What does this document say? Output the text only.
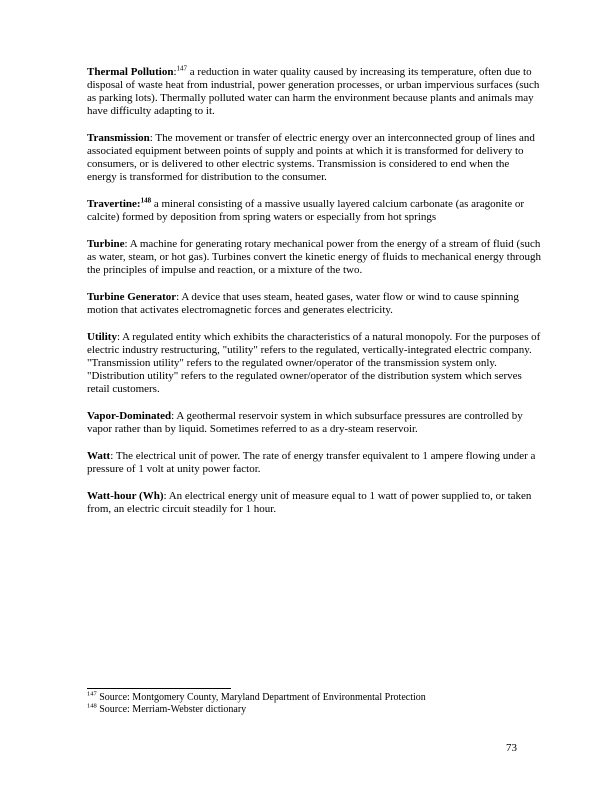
Thermal Pollution:$^{147}$ a reduction in water quality caused by increasing its temperature, often due to disposal of waste heat from industrial, power generation processes, or urban impervious surfaces (such as parking lots). Thermally polluted water can harm the environment because plants and animals may have difficulty adapting to it.

Transmission: The movement or transfer of electric energy over an interconnected group of lines and associated equipment between points of supply and points at which it is transformed for delivery to consumers, or is delivered to other electric systems. Transmission is considered to end when the energy is transformed for distribution to the consumer.

Travertine:$^{148}$ a mineral consisting of a massive usually layered calcium carbonate (as aragonite or calcite) formed by deposition from spring waters or especially from hot springs

Turbine: A machine for generating rotary mechanical power from the energy of a stream of fluid (such as water, steam, or hot gas). Turbines convert the kinetic energy of fluids to mechanical energy through the principles of impulse and reaction, or a mixture of the two.

Turbine Generator: A device that uses steam, heated gases, water flow or wind to cause spinning motion that activates electromagnetic forces and generates electricity.

Utility: A regulated entity which exhibits the characteristics of a natural monopoly. For the purposes of electric industry restructuring, "utility" refers to the regulated, vertically-integrated electric company. "Transmission utility" refers to the regulated owner/operator of the transmission system only. "Distribution utility" refers to the regulated owner/operator of the distribution system which serves retail customers.

Vapor-Dominated: A geothermal reservoir system in which subsurface pressures are controlled by vapor rather than by liquid. Sometimes referred to as a dry-steam reservoir.

Watt: The electrical unit of power. The rate of energy transfer equivalent to 1 ampere flowing under a pressure of 1 volt at unity power factor.

Watt-hour (Wh): An electrical energy unit of measure equal to 1 watt of power supplied to, or taken from, an electric circuit steadily for 1 hour.

$^{147}$ Source: Montgomery County, Maryland Department of Environmental Protection

$^{148}$ Source: Merriam-Webster dictionary

73
